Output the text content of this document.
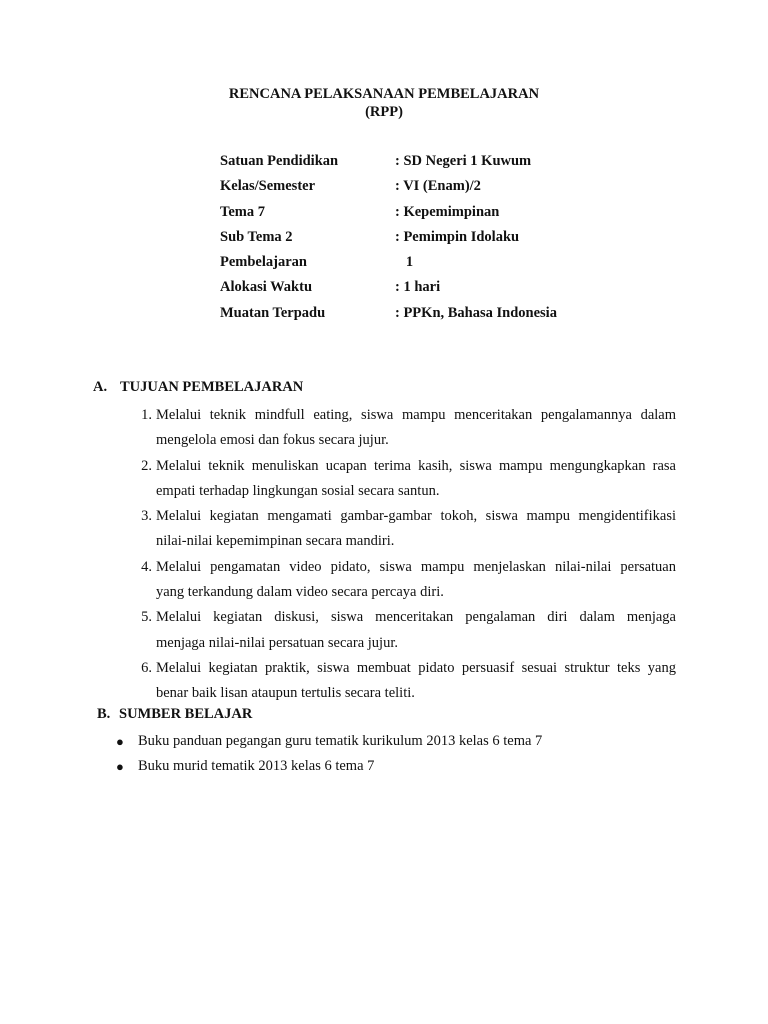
RENCANA PELAKSANAAN PEMBELAJARAN
(RPP)
Satuan Pendidikan	: SD Negeri 1 Kuwum
Kelas/Semester	: VI (Enam)/2
Tema 7	: Kepemimpinan
Sub Tema 2	: Pemimpin Idolaku
Pembelajaran	1
Alokasi Waktu	: 1 hari
Muatan Terpadu	: PPKn, Bahasa Indonesia
A. TUJUAN PEMBELAJARAN
1. Melalui teknik mindfull eating, siswa mampu menceritakan pengalamannya dalam
mengelola emosi dan fokus secara jujur.
2. Melalui teknik menuliskan ucapan terima kasih, siswa mampu mengungkapkan rasa
empati terhadap lingkungan sosial secara santun.
3. Melalui kegiatan mengamati gambar-gambar tokoh, siswa mampu mengidentifikasi
nilai-nilai kepemimpinan secara mandiri.
4. Melalui pengamatan video pidato, siswa mampu menjelaskan nilai-nilai persatuan
yang terkandung dalam video secara percaya diri.
5. Melalui kegiatan diskusi, siswa menceritakan pengalaman diri dalam menjaga
menjaga nilai-nilai persatuan secara jujur.
6. Melalui kegiatan praktik, siswa membuat pidato persuasif sesuai struktur teks yang
benar baik lisan ataupun tertulis secara teliti.
B. SUMBER BELAJAR
● Buku panduan pegangan guru tematik kurikulum 2013 kelas 6 tema 7
● Buku murid tematik 2013 kelas 6 tema 7
